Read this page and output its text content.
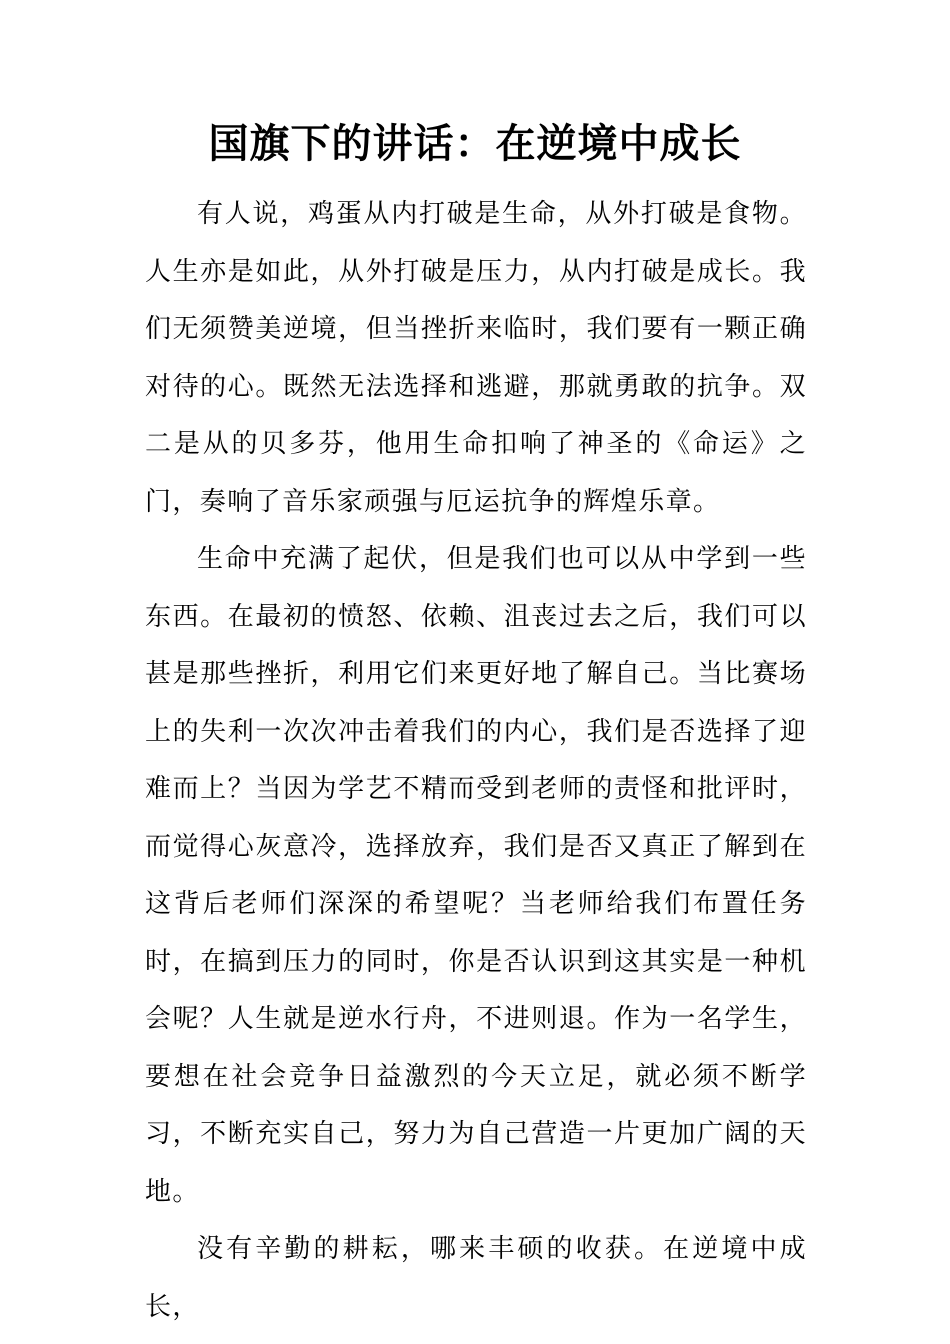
国旗下的讲话：在逆境中成长

有人说，鸡蛋从内打破是生命，从外打破是食物。人生亦是如此，从外打破是压力，从内打破是成长。我们无须赞美逆境，但当挫折来临时，我们要有一颗正确对待的心。既然无法选择和逃避，那就勇敢的抗争。双二是从的贝多芬，他用生命扣响了神圣的《命运》之门，奏响了音乐家顽强与厄运抗争的辉煌乐章。

生命中充满了起伏，但是我们也可以从中学到一些东西。在最初的愤怒、依赖、沮丧过去之后，我们可以甚是那些挫折，利用它们来更好地了解自己。当比赛场上的失利一次次冲击着我们的内心，我们是否选择了迎难而上？当因为学艺不精而受到老师的责怪和批评时，而觉得心灰意冷，选择放弃，我们是否又真正了解到在这背后老师们深深的希望呢？当老师给我们布置任务时，在搞到压力的同时，你是否认识到这其实是一种机会呢？人生就是逆水行舟，不进则退。作为一名学生，要想在社会竞争日益激烈的今天立足，就必须不断学习，不断充实自己，努力为自己营造一片更加广阔的天地。

没有辛勤的耕耘，哪来丰硕的收获。在逆境中成长，
